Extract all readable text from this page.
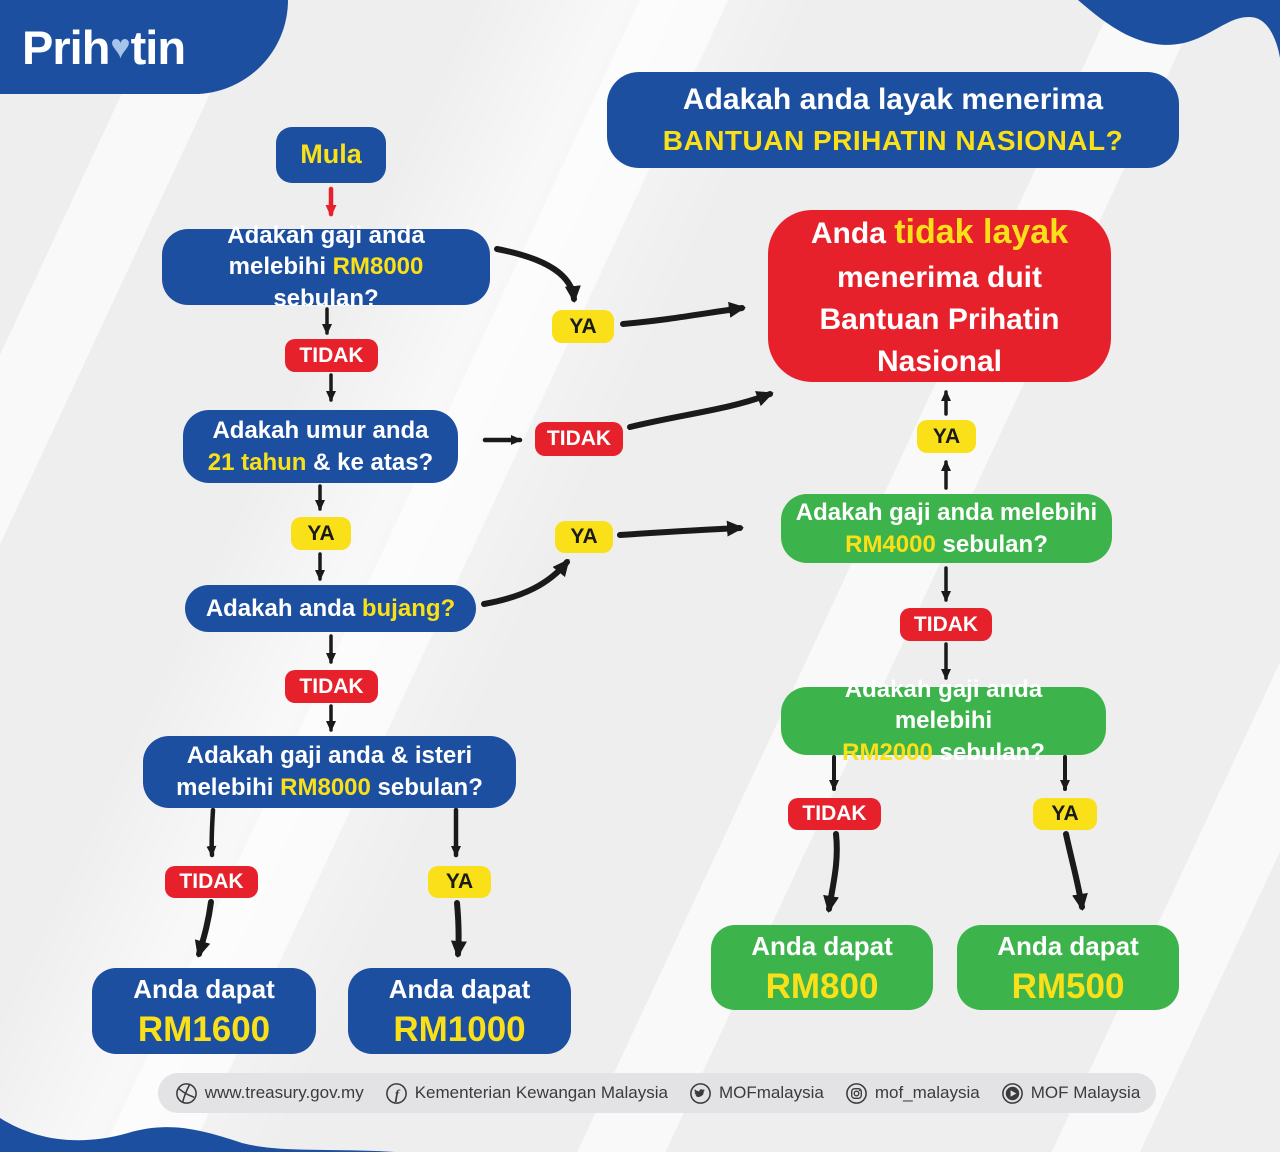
Prih♥tin
Adakah anda layak menerima
BANTUAN PRIHATIN NASIONAL?
Mula
Adakah gaji anda
melebihi RM8000 sebulan?
TIDAK
YA
Anda tidak layak
menerima duit
Bantuan Prihatin
Nasional
Adakah umur anda
21 tahun & ke atas?
TIDAK
YA
Adakah anda bujang?
YA
TIDAK
Adakah gaji anda & isteri
melebihi RM8000 sebulan?
TIDAK	YA
Anda dapat
RM1600
Anda dapat
RM1000
Adakah gaji anda melebihi
RM4000 sebulan?
YA
TIDAK
Adakah gaji anda melebihi
RM2000 sebulan?
TIDAK	YA
Anda dapat
RM800
Anda dapat
RM500
www.treasury.gov.my f Kementerian Kewangan Malaysia	MOFmalaysia	mof_malaysia	MOF Malaysia
